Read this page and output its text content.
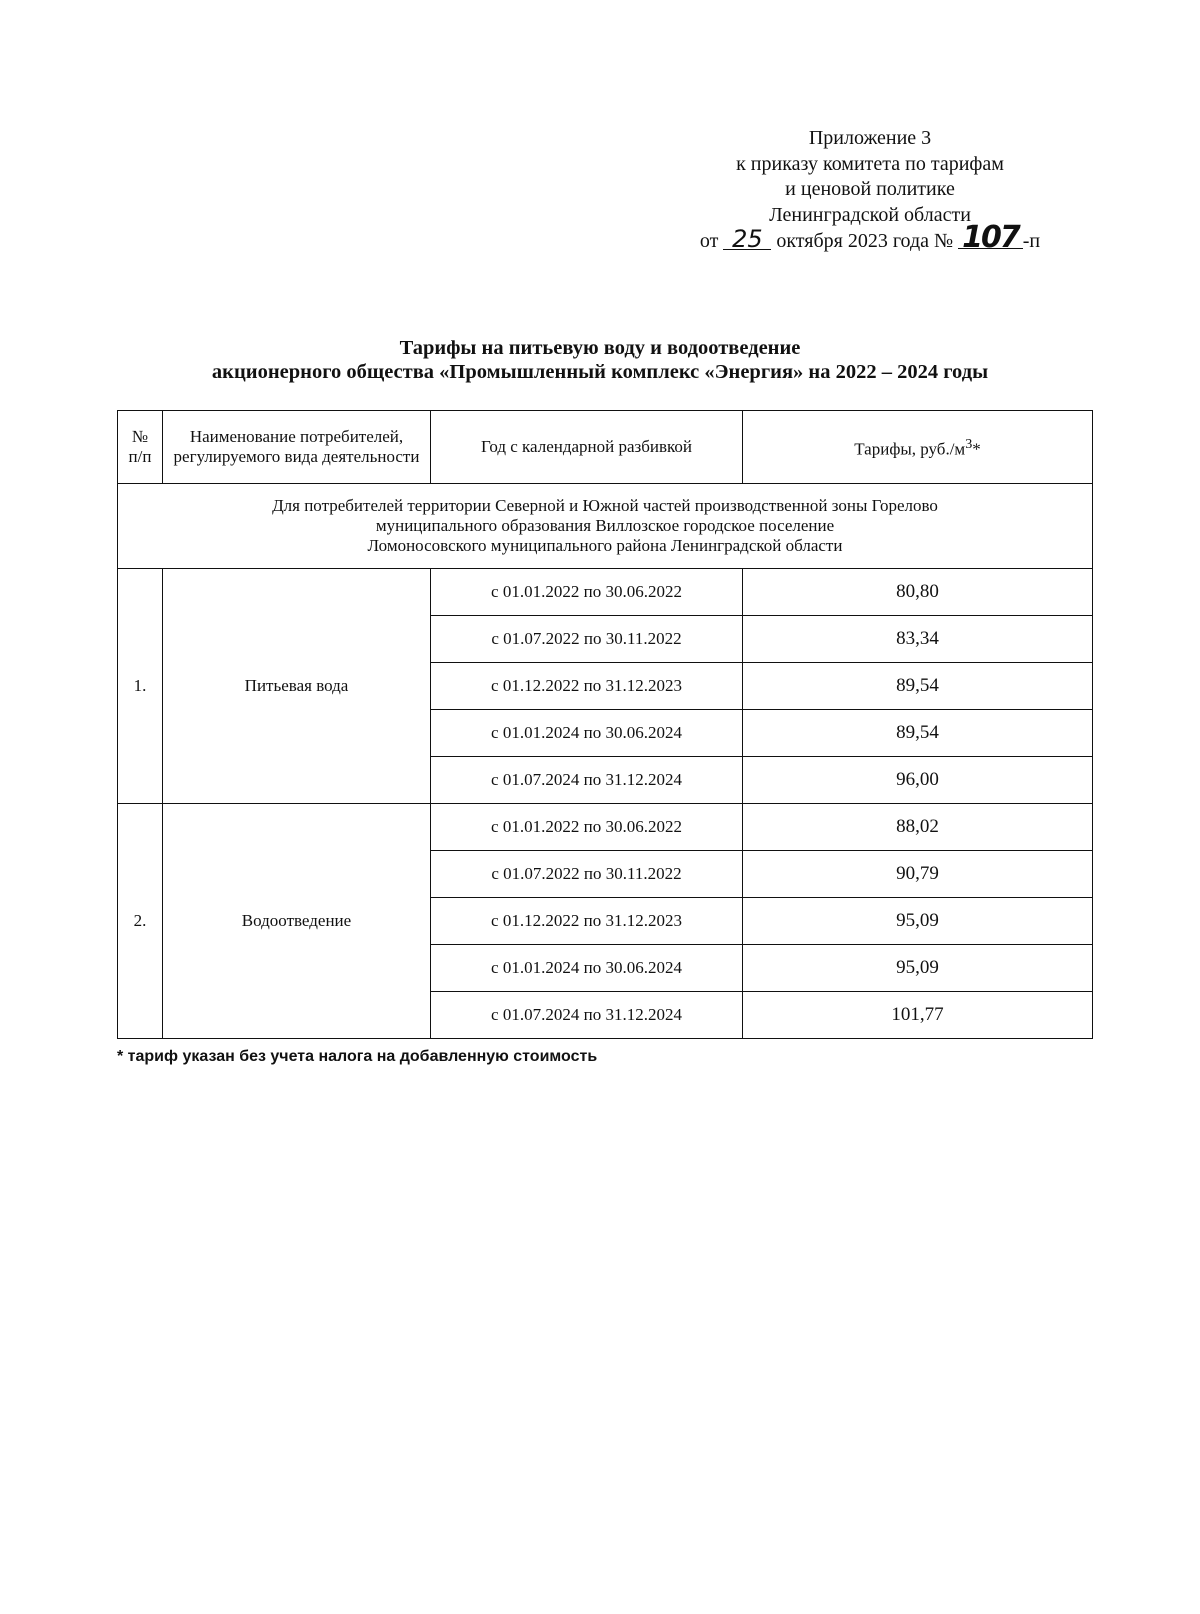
Приложение 3
к приказу комитета по тарифам
и ценовой политике
Ленинградской области
от 25 октября 2023 года № 107 -п
Тарифы на питьевую воду и водоотведение
акционерного общества «Промышленный комплекс «Энергия» на 2022 – 2024 годы
№ п/п	Наименование потребителей, регулируемого вида деятельности	Год с календарной разбивкой	Тарифы, $руб./м^3*$

Для потребителей территории Северной и Южной частей производственной зоны Горелово
муниципального образования Виллозское городское поселение
Ломоносовского муниципального района Ленинградской области			

1.	Питьевая вода	с 01.01.2022 по 30.06.2022	80,80
		с 01.07.2022 по 30.11.2022	83,34
		с 01.12.2022 по 31.12.2023	89,54
		с 01.01.2024 по 30.06.2024	89,54
		с 01.07.2024 по 31.12.2024	96,00
2.	Водоотведение	с 01.01.2022 по 30.06.2022	88,02
		с 01.07.2022 по 30.11.2022	90,79
		с 01.12.2022 по 31.12.2023	95,09
		с 01.01.2024 по 30.06.2024	95,09
		с 01.07.2024 по 31.12.2024	101,77
* тариф указан без учета налога на добавленную стоимость
